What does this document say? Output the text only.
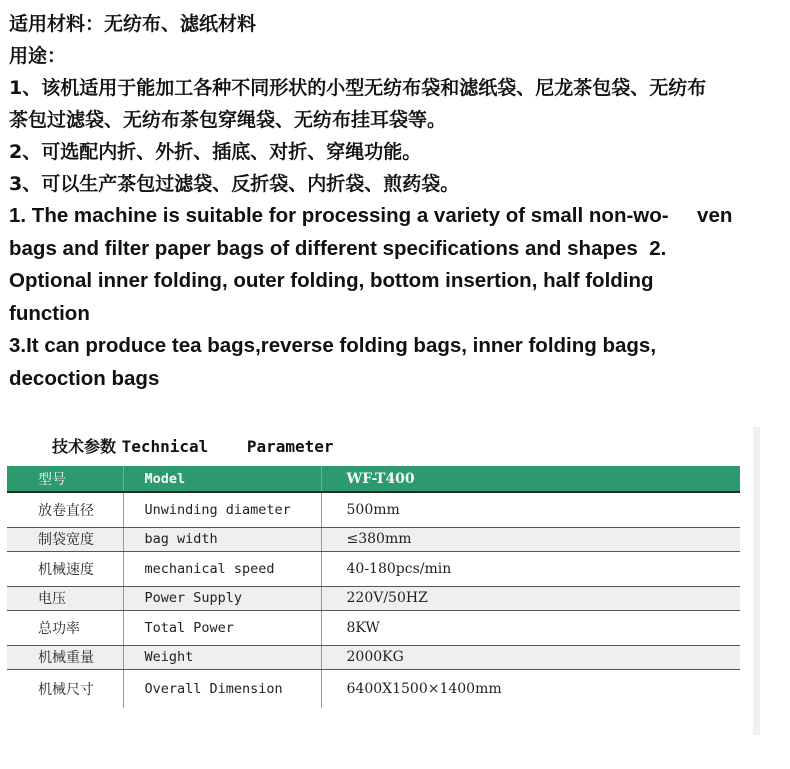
适用材料：无纺布、滤纸材料

用途：

1、该机适用于能加工各种不同形状的小型无纺布袋和滤纸袋、尼龙茶包袋、无纺布

茶包过滤袋、无纺布茶包穿绳袋、无纺布挂耳袋等。

2、可选配内折、外折、插底、对折、穿绳功能。

3、可以生产茶包过滤袋、反折袋、内折袋、煎药袋。

1. The machine is suitable for processing a variety of small non-wo-     ven

bags and filter paper bags of different specifications and shapes  2.

Optional inner folding, outer folding, bottom insertion, half folding

function

3.It can produce tea bags,reverse folding bags, inner folding bags,

decoction bags

技术参数 Technical    Parameter
型号	Model	WF-T400
放卷直径	Unwinding diameter	500mm
制袋宽度	bag width	≤380mm
机械速度	mechanical speed	40-180pcs/min
电压	Power Supply	220V/50HZ
总功率	Total Power	8KW
机械重量	Weight	2000KG
机械尺寸	Overall Dimension	6400X1500×1400mm
